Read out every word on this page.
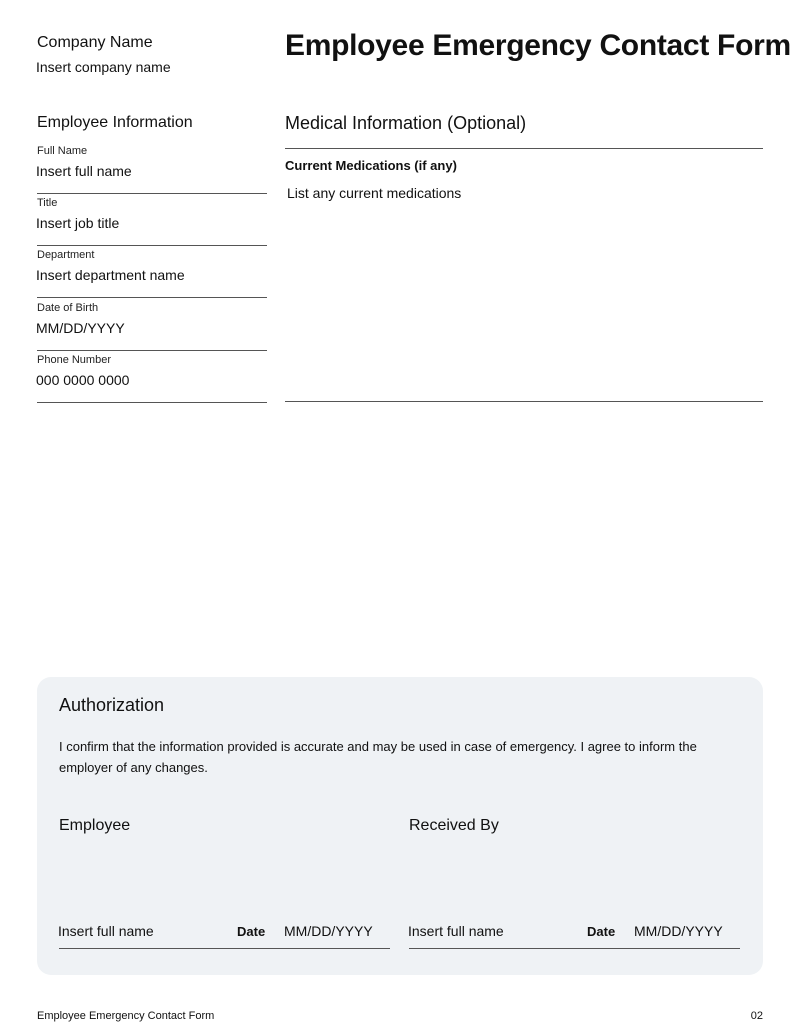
Company Name
Insert company name
Employee Emergency Contact Form
Employee Information
Full Name
Insert full name
Title
Insert job title
Department
Insert department name
Date of Birth
MM/DD/YYYY
Phone Number
000 0000 0000
Medical Information (Optional)
Current Medications (if any)
List any current medications
Authorization
I confirm that the information provided is accurate and may be used in case of emergency. I agree to inform the employer of any changes.
Employee
Insert full name	Date MM/DD/YYYY
Received By
Insert full name	Date MM/DD/YYYY
Employee Emergency Contact Form	02
